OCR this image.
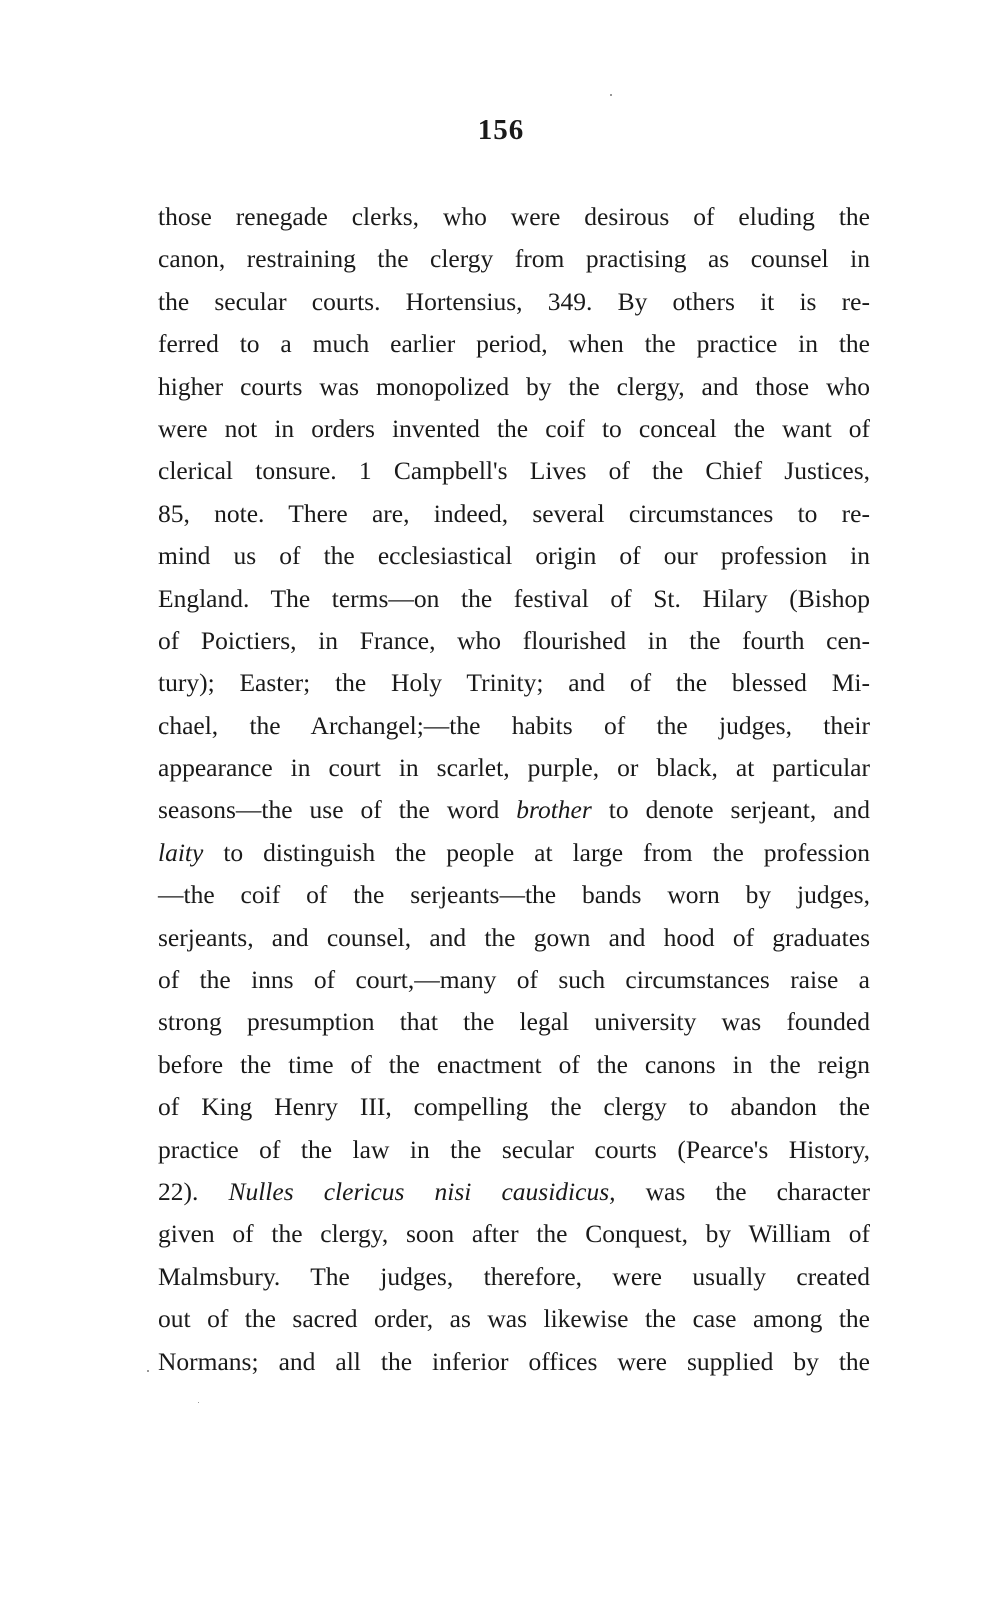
156
those renegade clerks, who were desirous of eluding the
canon, restraining the clergy from practising as counsel in
the secular courts. Hortensius, 349. By others it is re-
ferred to a much earlier period, when the practice in the
higher courts was monopolized by the clergy, and those who
were not in orders invented the coif to conceal the want of
clerical tonsure. 1 Campbell's Lives of the Chief Justices,
85, note. There are, indeed, several circumstances to re-
mind us of the ecclesiastical origin of our profession in
England. The terms—on the festival of St. Hilary (Bishop
of Poictiers, in France, who flourished in the fourth cen-
tury); Easter; the Holy Trinity; and of the blessed Mi-
chael, the Archangel;—the habits of the judges, their
appearance in court in scarlet, purple, or black, at particular
seasons—the use of the word brother to denote serjeant, and
laity to distinguish the people at large from the profession
—the coif of the serjeants—the bands worn by judges,
serjeants, and counsel, and the gown and hood of graduates
of the inns of court,—many of such circumstances raise a
strong presumption that the legal university was founded
before the time of the enactment of the canons in the reign
of King Henry III, compelling the clergy to abandon the
practice of the law in the secular courts (Pearce's History,
22). Nulles clericus nisi causidicus, was the character
given of the clergy, soon after the Conquest, by William of
Malmsbury. The judges, therefore, were usually created
out of the sacred order, as was likewise the case among the
Normans; and all the inferior offices were supplied by the
